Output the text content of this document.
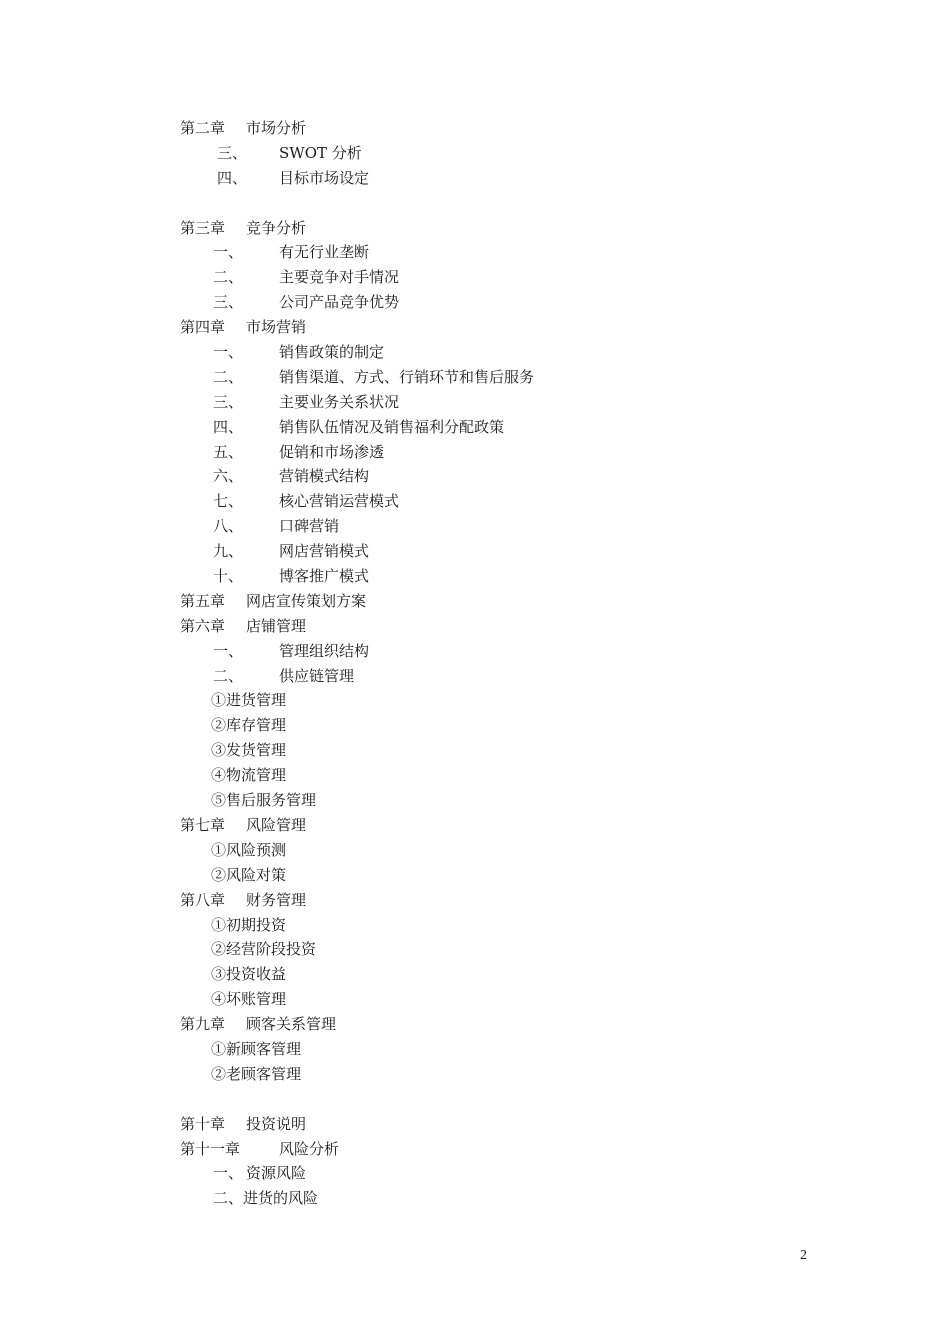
第二章 市场分析
三、 SWOT 分析
四、 目标市场设定
第三章 竞争分析
一、 有无行业垄断
二、 主要竞争对手情况
三、 公司产品竞争优势
第四章 市场营销
一、 销售政策的制定
二、 销售渠道、方式、行销环节和售后服务
三、 主要业务关系状况
四、 销售队伍情况及销售福利分配政策
五、 促销和市场渗透
六、 营销模式结构
七、 核心营销运营模式
八、 口碑营销
九、 网店营销模式
十、 博客推广模式
第五章 网店宣传策划方案
第六章 店铺管理
一、 管理组织结构
二、 供应链管理
①进货管理
②库存管理
③发货管理
④物流管理
⑤售后服务管理
第七章 风险管理
①风险预测
②风险对策
第八章 财务管理
①初期投资
②经营阶段投资
③投资收益
④坏账管理
第九章 顾客关系管理
①新顾客管理
②老顾客管理
第十章 投资说明
第十一章	风险分析
一、 资源风险
二、进货的风险
2
